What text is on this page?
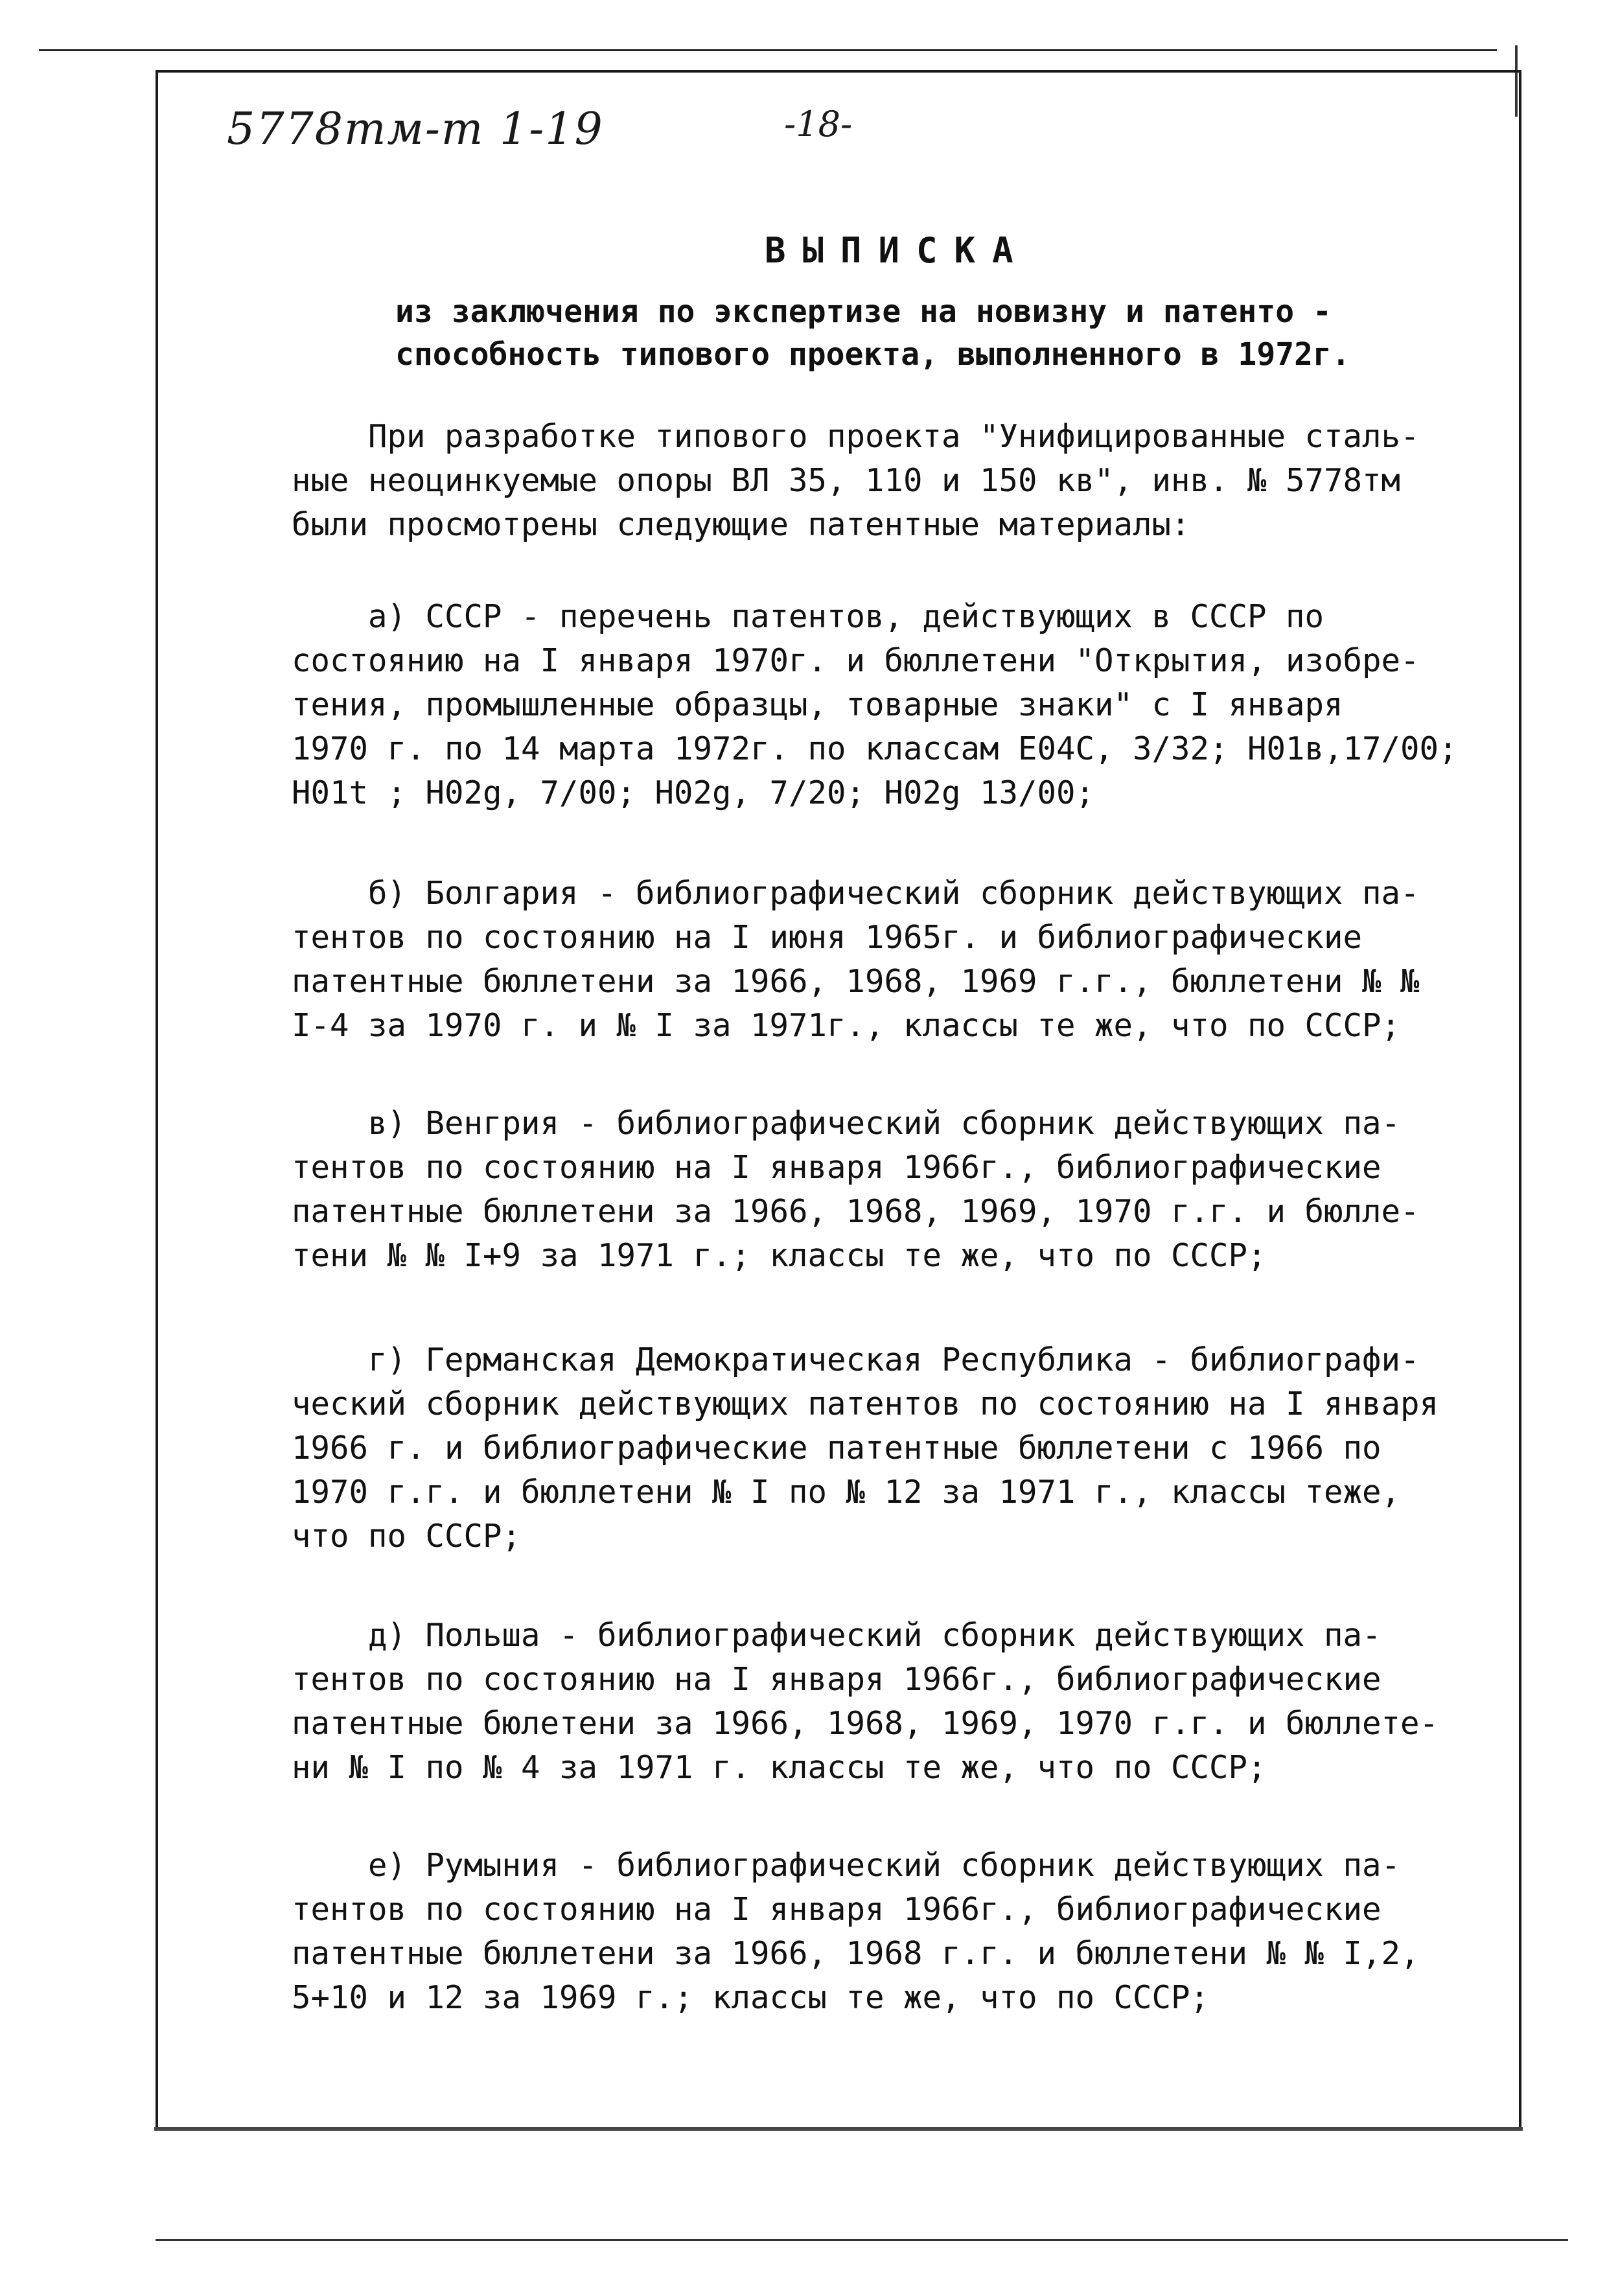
5778тм-т 1-19	-18-
ВЫПИСКА
из заключения по экспертизе на новизну и патенто -
способность типового проекта, выполненного в 1972г.
При разработке типового проекта "Унифицированные сталь-
ные неоцинкуемые опоры ВЛ 35, 110 и 150 кв", инв. № 5778тм
были просмотрены следующие патентные материалы:
а) СССР - перечень патентов, действующих в СССР по
состоянию на I января 1970г. и бюллетени "Открытия, изобре-
тения, промышленные образцы, товарные знаки" с I января
1970 г. по 14 марта 1972г. по классам Е04С, 3/32; Н01в,17/00;
Н01t ; Н02g, 7/00; Н02g, 7/20; Н02g 13/00;
б) Болгария - библиографический сборник действующих па-
тентов по состоянию на I июня 1965г. и библиографические
патентные бюллетени за 1966, 1968, 1969 г.г., бюллетени № №
I-4 за 1970 г. и № I за 1971г., классы те же, что по СССР;
в) Венгрия - библиографический сборник действующих па-
тентов по состоянию на I января 1966г., библиографические
патентные бюллетени за 1966, 1968, 1969, 1970 г.г. и бюлле-
тени № № I+9 за 1971 г.; классы те же, что по СССР;
г) Германская Демократическая Республика - библиографи-
ческий сборник действующих патентов по состоянию на I января
1966 г. и библиографические патентные бюллетени с 1966 по
1970 г.г. и бюллетени № I по № 12 за 1971 г., классы теже,
что по СССР;
д) Польша - библиографический сборник действующих па-
тентов по состоянию на I января 1966г., библиографические
патентные бюлетени за 1966, 1968, 1969, 1970 г.г. и бюллете-
ни № I по № 4 за 1971 г. классы те же, что по СССР;
е) Румыния - библиографический сборник действующих па-
тентов по состоянию на I января 1966г., библиографические
патентные бюллетени за 1966, 1968 г.г. и бюллетени № № I,2,
5+10 и 12 за 1969 г.; классы те же, что по СССР;
